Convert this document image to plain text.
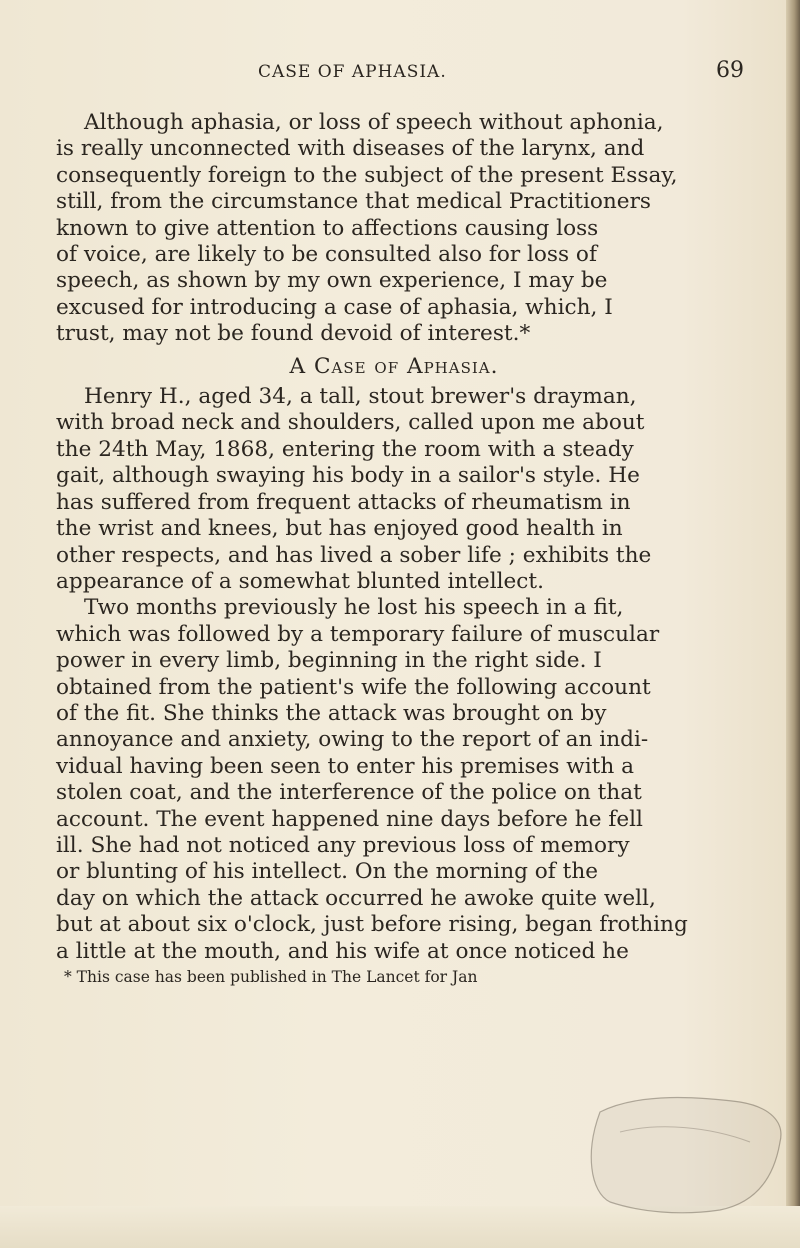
CASE OF APHASIA.	69
Although aphasia, or loss of speech without aphonia,
is really unconnected with diseases of the larynx, and
consequently foreign to the subject of the present Essay,
still, from the circumstance that medical Practitioners
known to give attention to affections causing loss
of voice, are likely to be consulted also for loss of
speech, as shown by my own experience, I may be
excused for introducing a case of aphasia, which, I
trust, may not be found devoid of interest.*
A Case of Aphasia.
Henry H., aged 34, a tall, stout brewer's drayman,
with broad neck and shoulders, called upon me about
the 24th May, 1868, entering the room with a steady
gait, although swaying his body in a sailor's style. He
has suffered from frequent attacks of rheumatism in
the wrist and knees, but has enjoyed good health in
other respects, and has lived a sober life ; exhibits the
appearance of a somewhat blunted intellect.
Two months previously he lost his speech in a fit,
which was followed by a temporary failure of muscular
power in every limb, beginning in the right side. I
obtained from the patient's wife the following account
of the fit. She thinks the attack was brought on by
annoyance and anxiety, owing to the report of an indi-
vidual having been seen to enter his premises with a
stolen coat, and the interference of the police on that
account. The event happened nine days before he fell
ill. She had not noticed any previous loss of memory
or blunting of his intellect. On the morning of the
day on which the attack occurred he awoke quite well,
but at about six o'clock, just before rising, began frothing
a little at the mouth, and his wife at once noticed he
* This case has been published in The Lancet for Jan
